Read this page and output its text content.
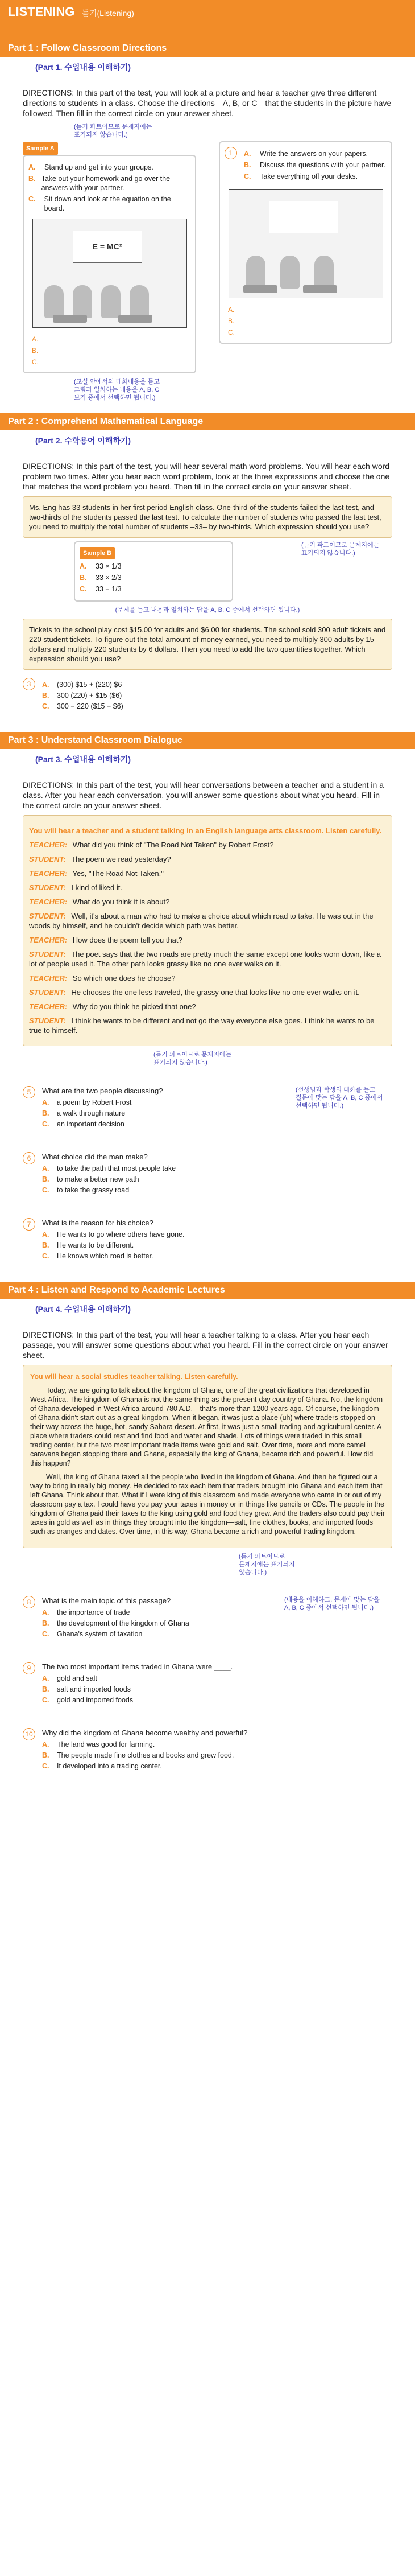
LISTENING 듣기(Listening)
Part 1 : Follow Classroom Directions
(Part 1. 수업내용 이해하기)
DIRECTIONS: In this part of the test, you will look at a picture and hear a teacher give three different directions to students in a class. Choose the directions—A, B, or C—that the students in the picture have followed. Then fill in the correct circle on your answer sheet.
(듣기 파트이므로 문제지에는
표기되지 않습니다.)
Sample A
A.	Stand up and get into your groups.
B. Take out your homework and go over the answers with your partner.
C.	Sit down and look at the equation on the board.
E = MC²
A.
B.
C.
(교실 안에서의 대화내용을 듣고
그림과 일치하는 내용을 A, B, C
보기 중에서 선택하면 됩니다.)
1	A.	Write the answers on your papers.
B.	Discuss the questions with your partner.
C.	Take everything off your desks.
A.
B.
C.
Part 2 : Comprehend Mathematical Language
(Part 2. 수학용어 이해하기)
DIRECTIONS: In this part of the test, you will hear several math word problems. You will hear each word problem two times. After you hear each word problem, look at the three expressions and choose the one that matches the word problem you heard. Then fill in the correct circle on your answer sheet.
Ms. Eng has 33 students in her first period English class. One-third of the students failed the last test, and two-thirds of the students passed the last test. To calculate the number of students who passed the last test, you need to multiply the total number of students –33– by two-thirds. Which expression should you use?
Sample B
A.	33 × 1/3
B.	33 × 2/3
C.	33 − 1/3
(듣기 파트이므로 문제지에는
표기되지 않습니다.)
(문제를 듣고 내용과 일치하는 답을 A, B, C 중에서 선택하면 됩니다.)
Tickets to the school play cost $15.00 for adults and $6.00 for students. The school sold 300 adult tickets and 220 student tickets. To figure out the total amount of money earned, you need to multiply 300 adults by 15 dollars and multiply 220 students by 6 dollars. Then you need to add the two quantities together. Which expression should you use?
3	A. (300) $15 + (220) $6
B. 300 (220) + $15 ($6)
C. 300 − 220 ($15 + $6)
Part 3 : Understand Classroom Dialogue
(Part 3. 수업내용 이해하기)
DIRECTIONS: In this part of the test, you will hear conversations between a teacher and a student in a class. After you hear each conversation, you will answer some questions about what you heard. Fill in the correct circle on your answer sheet.
You will hear a teacher and a student talking in an English language arts classroom. Listen carefully.
TEACHER: What did you think of "The Road Not Taken" by Robert Frost?
STUDENT: The poem we read yesterday?
TEACHER: Yes, "The Road Not Taken."
STUDENT: I kind of liked it.
TEACHER: What do you think it is about?
STUDENT: Well, it's about a man who had to make a choice about which road to take. He was out in the woods by himself, and he couldn't decide which path was better.
TEACHER: How does the poem tell you that?
STUDENT: The poet says that the two roads are pretty much the same except one looks worn down, like a lot of people used it. The other path looks grassy like no one ever walks on it.
TEACHER: So which one does he choose?
STUDENT: He chooses the one less traveled, the grassy one that looks like no one ever walks on it.
TEACHER: Why do you think he picked that one?
STUDENT: I think he wants to be different and not go the way everyone else goes. I think he wants to be true to himself.
(듣기 파트이므로 문제지에는
표기되지 않습니다.)
5	What are the two people discussing?
A. a poem by Robert Frost
B. a walk through nature
C. an important decision
(선생님과 학생의 대화를 듣고
질문에 맞는 답을 A, B, C 중에서
선택하면 됩니다.)
6	What choice did the man make?
A. to take the path that most people take
B. to make a better new path
C. to take the grassy road
7	What is the reason for his choice?
A. He wants to go where others have gone.
B. He wants to be different.
C. He knows which road is better.
Part 4 : Listen and Respond to Academic Lectures
(Part 4. 수업내용 이해하기)
DIRECTIONS: In this part of the test, you will hear a teacher talking to a class. After you hear each passage, you will answer some questions about what you heard. Fill in the correct circle on your answer sheet.
You will hear a social studies teacher talking. Listen carefully.

Today, we are going to talk about the kingdom of Ghana, one of the great civilizations that developed in West Africa. The kingdom of Ghana is not the same thing as the present-day country of Ghana. No, the kingdom of Ghana developed in West Africa around 780 A.D.—that's more than 1200 years ago. Of course, the kingdom of Ghana didn't start out as a great kingdom. When it began, it was just a place (uh) where traders stopped on their way across the huge, hot, sandy Sahara desert. At first, it was just a small trading and agricultural center. A place where traders could rest and find food and water and shade. Lots of things were traded in this small trading center, but the two most important trade items were gold and salt. Over time, more and more camel caravans began stopping there and Ghana, especially the king of Ghana, became rich and powerful. How did this happen?

Well, the king of Ghana taxed all the people who lived in the kingdom of Ghana. And then he figured out a way to bring in really big money. He decided to tax each item that traders brought into Ghana and each item that left Ghana. Think about that. What if I were king of this classroom and made everyone who came in or out of my classroom pay a tax. I could have you pay your taxes in money or in things like pencils or CDs. The people in the kingdom of Ghana paid their taxes to the king using gold and food they grew. And the traders also could pay their taxes in gold as well as in things they brought into the kingdom—salt, fine clothes, books, and imported foods such as oranges and dates. Over time, in this way, Ghana became a rich and powerful trading kingdom.

(듣기 파트이므로
문제지에는 표기되지
않습니다.)
8	What is the main topic of this passage?
A. the importance of trade
B. the development of the kingdom of Ghana
C. Ghana's system of taxation
(내용을 이해하고, 문제에 맞는 답을
A, B, C 중에서 선택하면 됩니다.)
9	The two most important items traded in Ghana were ____.
A. gold and salt
B. salt and imported foods
C. gold and imported foods
10	Why did the kingdom of Ghana become wealthy and powerful?
A. The land was good for farming.
B. The people made fine clothes and books and grew food.
C. It developed into a trading center.
